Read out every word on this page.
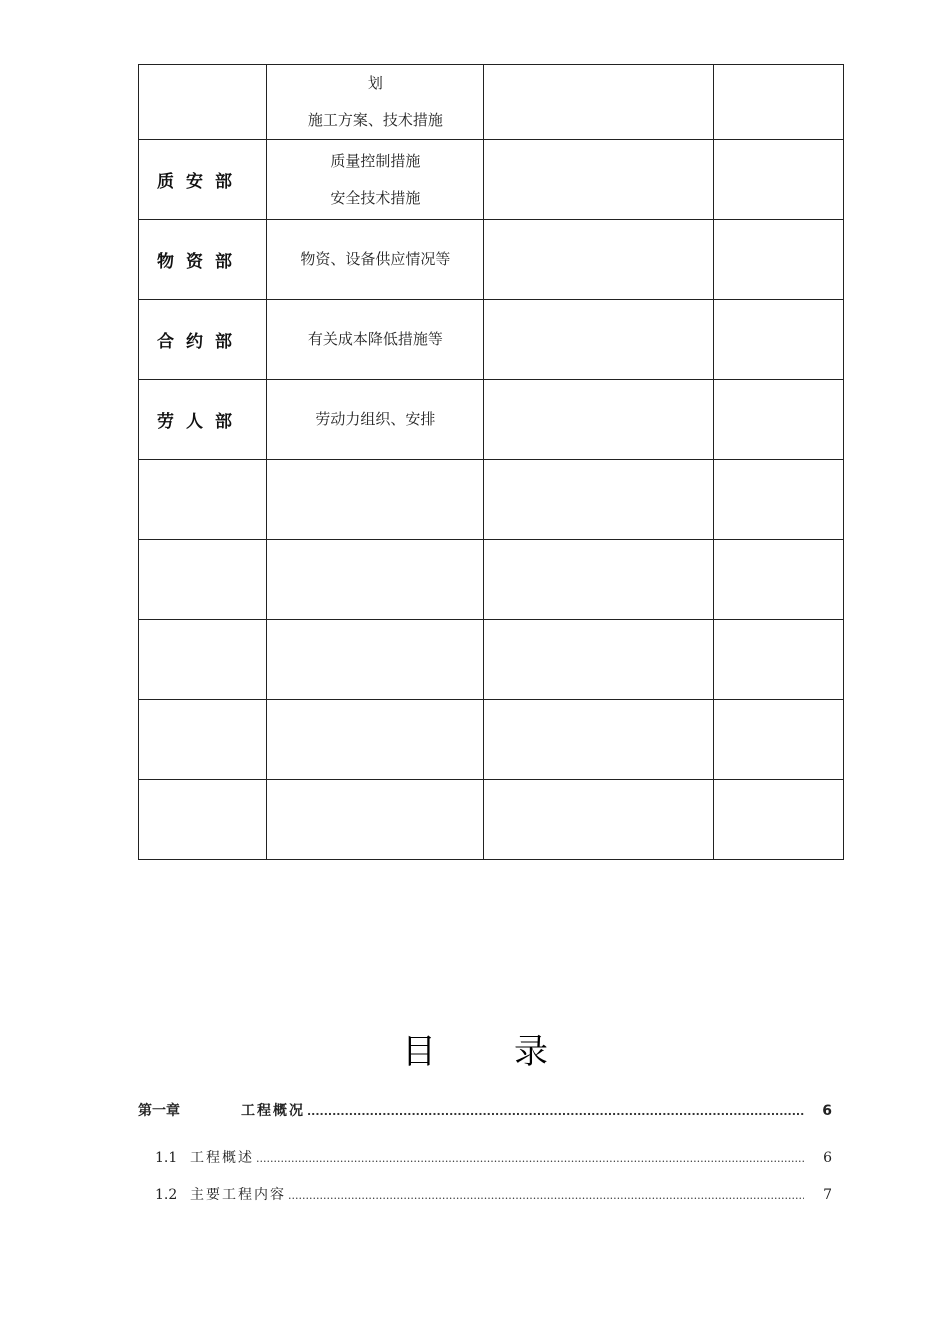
	划
施工方案、技术措施		

质安部	质量控制措施
安全技术措施		

物资部	物资、设备供应情况等		

合约部	有关成本降低措施等		

劳人部	劳动力组织、安排		

目录
第一章	工程概况 .....	6
1.1 工程概述 .....	6
1.2 主要工程内容 .....	7
